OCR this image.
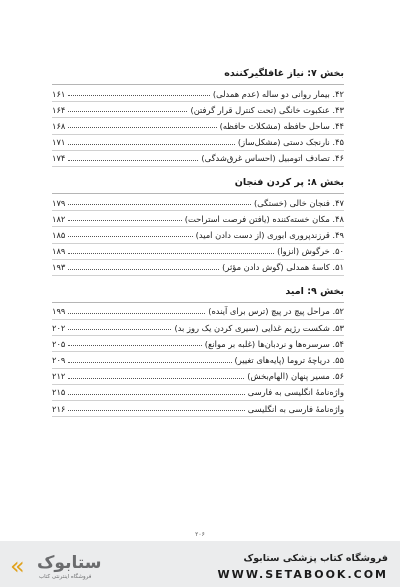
بخش ۷: نیاز غافلگیرکننده
۴۲. بیمار روانی دو ساله (عدم همدلی)
۱۶۱
۴۳. عنکبوت خانگی (تحت کنترل قرار گرفتن)
۱۶۴
۴۴. ساحل حافظه (مشکلات حافظه)
۱۶۸
۴۵. نارنجک دستی (مشکل‌ساز)
۱۷۱
۴۶. تصادف اتومبیل (احساس غرق‌شدگی)
۱۷۴
بخش ۸: پر کردن فنجان
۴۷. فنجان خالی (خستگی)
۱۷۹
۴۸. مکان خسته‌کننده (یافتن فرصت استراحت)
۱۸۲
۴۹. قرزندپروری ابوری (از دست دادن امید)
۱۸۵
۵۰. خرگوش (انزوا)
۱۸۹
۵۱. کاسهٔ همدلی (گوش دادن مؤثر)
۱۹۳
بخش ۹: امید
۵۲. مراحل پیچ در پیچ (ترس برای آینده)
۱۹۹
۵۳. شکست رژیم غذایی (سیری کردن یک روز بد)
۲۰۲
۵۴. سرسره‌ها و نردبان‌ها (غلبه بر موانع)
۲۰۵
۵۵. دریاچهٔ تروما (پایه‌های تغییر)
۲۰۹
۵۶. مسیر پنهان (الهام‌بخش)
۲۱۲
واژه‌نامهٔ انگلیسی به فارسی
۲۱۵
واژه‌نامهٔ فارسی به انگلیسی
۲۱۶
۲۰۶
« ستابوک
فروشگاه اینترنتی کتاب
فروشگاه کتاب پزشکی ستابوک
WWW.SETABOOK.COM
